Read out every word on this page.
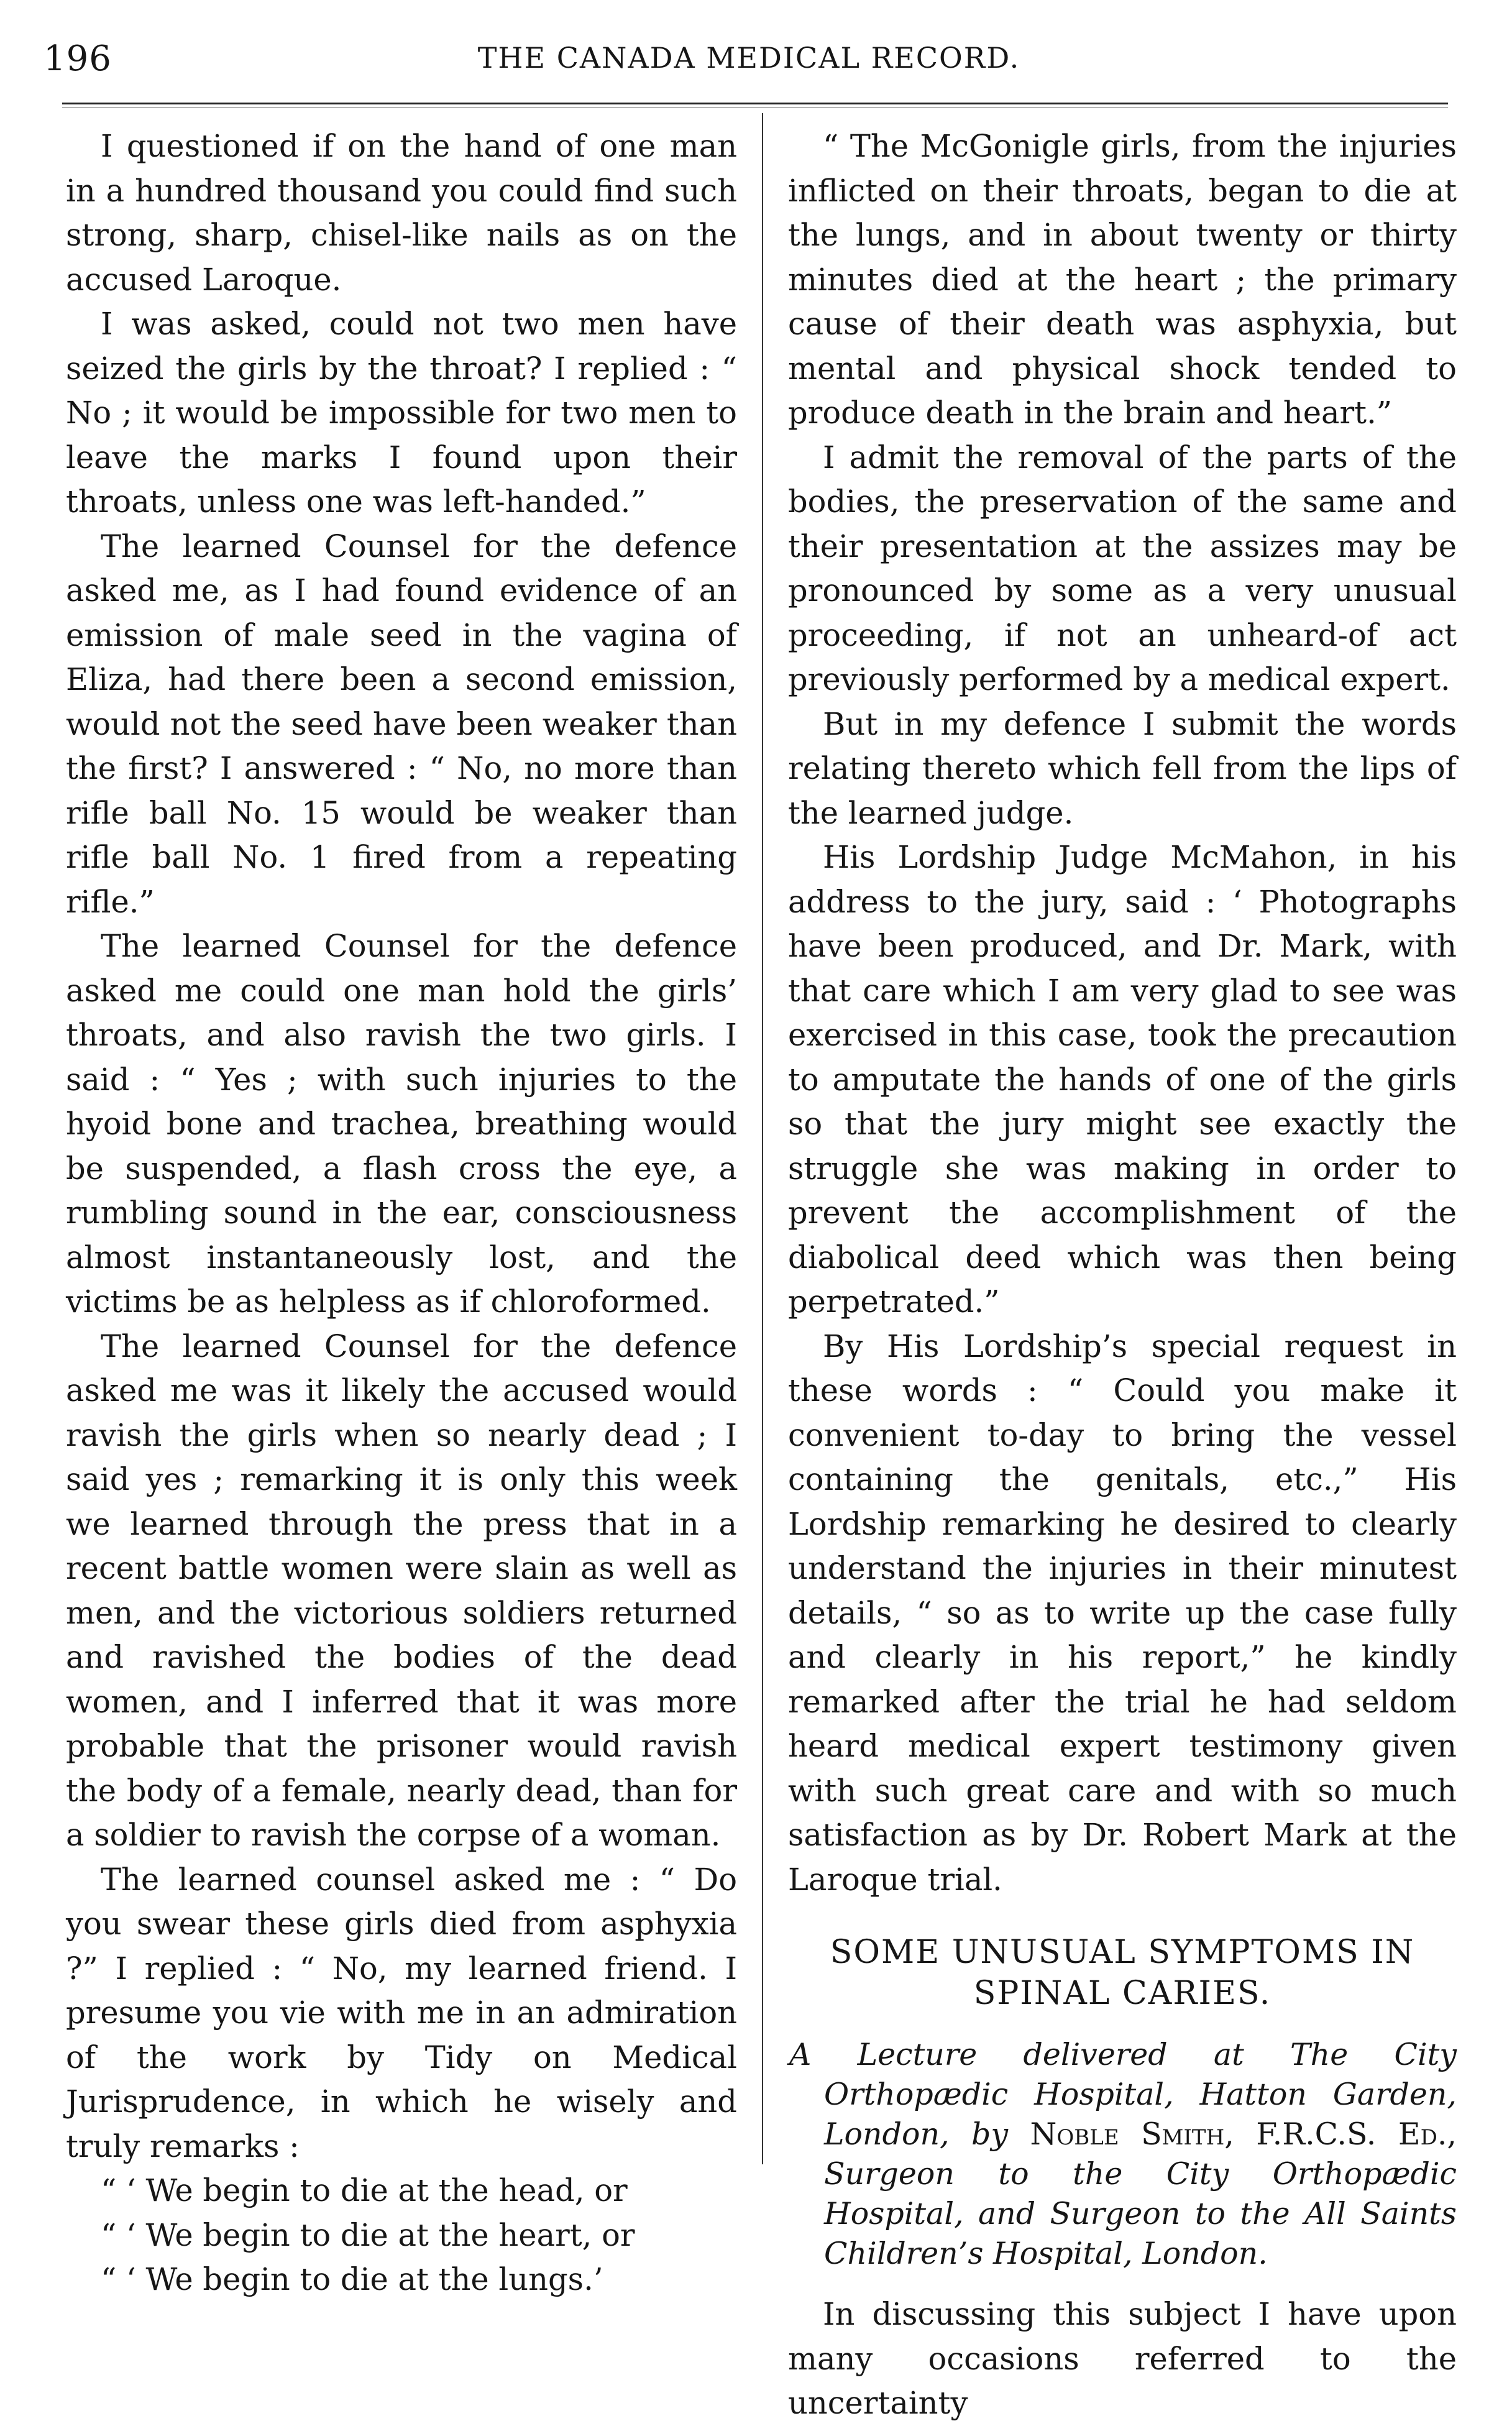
196	THE CANADA MEDICAL RECORD.

I questioned if on the hand of one man in a hundred thousand you could find such strong, sharp, chisel-like nails as on the accused Laroque.

I was asked, could not two men have seized the girls by the throat? I replied : “ No ; it would be impossible for two men to leave the marks I found upon their throats, unless one was left-handed.”

The learned Counsel for the defence asked me, as I had found evidence of an emission of male seed in the vagina of Eliza, had there been a second emission, would not the seed have been weaker than the first? I answered : “ No, no more than rifle ball No. 15 would be weaker than rifle ball No. 1 fired from a repeating rifle.”

The learned Counsel for the defence asked me could one man hold the girls’ throats, and also ravish the two girls. I said : “ Yes ; with such injuries to the hyoid bone and trachea, breathing would be suspended, a flash cross the eye, a rumbling sound in the ear, consciousness almost instantaneously lost, and the victims be as helpless as if chloroformed.

The learned Counsel for the defence asked me was it likely the accused would ravish the girls when so nearly dead ; I said yes ; remarking it is only this week we learned through the press that in a recent battle women were slain as well as men, and the victorious soldiers returned and ravished the bodies of the dead women, and I inferred that it was more probable that the prisoner would ravish the body of a female, nearly dead, than for a soldier to ravish the corpse of a woman.

The learned counsel asked me : “ Do you swear these girls died from asphyxia ?” I replied : “ No, my learned friend. I presume you vie with me in an admiration of the work by Tidy on Medical Jurisprudence, in which he wisely and truly remarks :

“ ‘ We begin to die at the head, or

“ ‘ We begin to die at the heart, or

“ ‘ We begin to die at the lungs.’

“ The McGonigle girls, from the injuries inflicted on their throats, began to die at the lungs, and in about twenty or thirty minutes died at the heart ; the primary cause of their death was asphyxia, but mental and physical shock tended to produce death in the brain and heart.”

I admit the removal of the parts of the bodies, the preservation of the same and their presentation at the assizes may be pronounced by some as a very unusual proceeding, if not an unheard-of act previously performed by a medical expert.

But in my defence I submit the words relating thereto which fell from the lips of the learned judge.

His Lordship Judge McMahon, in his address to the jury, said : ‘ Photographs have been produced, and Dr. Mark, with that care which I am very glad to see was exercised in this case, took the precaution to amputate the hands of one of the girls so that the jury might see exactly the struggle she was making in order to prevent the accomplishment of the diabolical deed which was then being perpetrated.”

By His Lordship’s special request in these words : “ Could you make it convenient to-day to bring the vessel containing the genitals, etc.,” His Lordship remarking he desired to clearly understand the injuries in their minutest details, “ so as to write up the case fully and clearly in his report,” he kindly remarked after the trial he had seldom heard medical expert testimony given with such great care and with so much satisfaction as by Dr. Robert Mark at the Laroque trial.

SOME UNUSUAL SYMPTOMS IN SPINAL CARIES.
A Lecture delivered at The City Orthopædic Hospital, Hatton Garden, London, by Noble Smith, F.R.C.S. Ed., Surgeon to the City Orthopædic Hospital, and Surgeon to the All Saints Children’s Hospital, London.

In discussing this subject I have upon many occasions referred to the uncertainty
